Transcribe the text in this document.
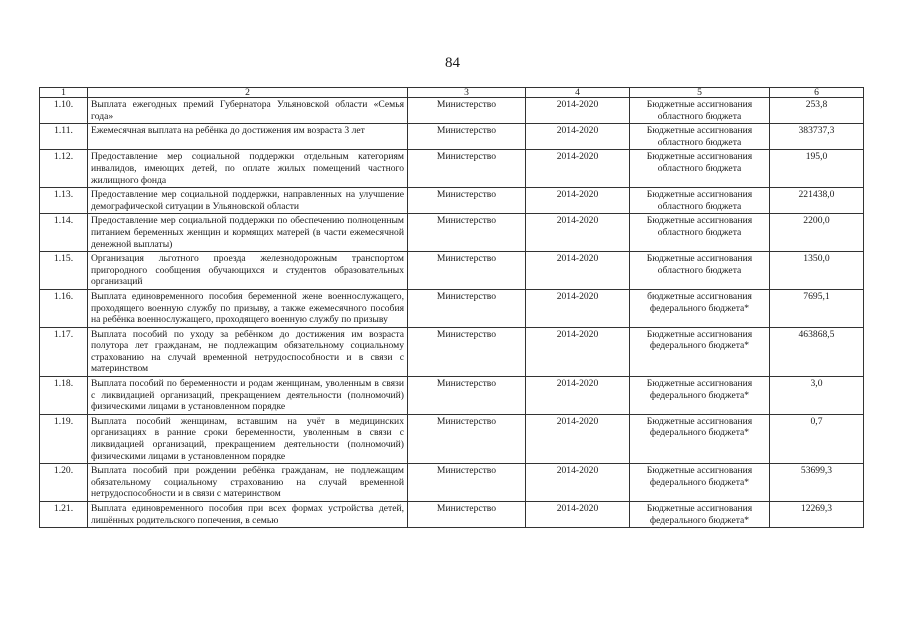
84
1	2	3	4	5	6
1.10.	Выплата ежегодных премий Губернатора Ульяновской области «Семья года»	Министерство	2014-2020	Бюджетные ассигнования областного бюджета	253,8
1.11.	Ежемесячная выплата на ребёнка до достижения им возраста 3 лет	Министерство	2014-2020	Бюджетные ассигнования областного бюджета	383737,3
1.12.	Предоставление мер социальной поддержки отдельным категориям инвалидов, имеющих детей, по оплате жилых помещений частного жилищного фонда	Министерство	2014-2020	Бюджетные ассигнования областного бюджета	195,0
1.13.	Предоставление мер социальной поддержки, направленных на улучшение демографической ситуации в Ульяновской области	Министерство	2014-2020	Бюджетные ассигнования областного бюджета	221438,0
1.14.	Предоставление мер социальной поддержки по обеспечению полноценным питанием беременных женщин и кормящих матерей (в части ежемесячной денежной выплаты)	Министерство	2014-2020	Бюджетные ассигнования областного бюджета	2200,0
1.15.	Организация льготного проезда железнодорожным транспортом пригородного сообщения обучающихся и студентов образовательных организаций	Министерство	2014-2020	Бюджетные ассигнования областного бюджета	1350,0
1.16.	Выплата единовременного пособия беременной жене военнослужащего, проходящего военную службу по призыву, а также ежемесячного пособия на ребёнка военнослужащего, проходящего военную службу по призыву	Министерство	2014-2020	бюджетные ассигнования федерального бюджета*	7695,1
1.17.	Выплата пособий по уходу за ребёнком до достижения им возраста полутора лет гражданам, не подлежащим обязательному социальному страхованию на случай временной нетрудоспособности и в связи с материнством	Министерство	2014-2020	Бюджетные ассигнования федерального бюджета*	463868,5
1.18.	Выплата пособий по беременности и родам женщинам, уволенным в связи с ликвидацией организаций, прекращением деятельности (полномочий) физическими лицами в установленном порядке	Министерство	2014-2020	Бюджетные ассигнования федерального бюджета*	3,0
1.19.	Выплата пособий женщинам, вставшим на учёт в медицинских организациях в ранние сроки беременности, уволенным в связи с ликвидацией организаций, прекращением деятельности (полномочий) физическими лицами в установленном порядке	Министерство	2014-2020	Бюджетные ассигнования федерального бюджета*	0,7
1.20.	Выплата пособий при рождении ребёнка гражданам, не подлежащим обязательному социальному страхованию на случай временной нетрудоспособности и в связи с материнством	Министерство	2014-2020	Бюджетные ассигнования федерального бюджета*	53699,3
1.21.	Выплата единовременного пособия при всех формах устройства детей, лишённых родительского попечения, в семью	Министерство	2014-2020	Бюджетные ассигнования федерального бюджета*	12269,3
